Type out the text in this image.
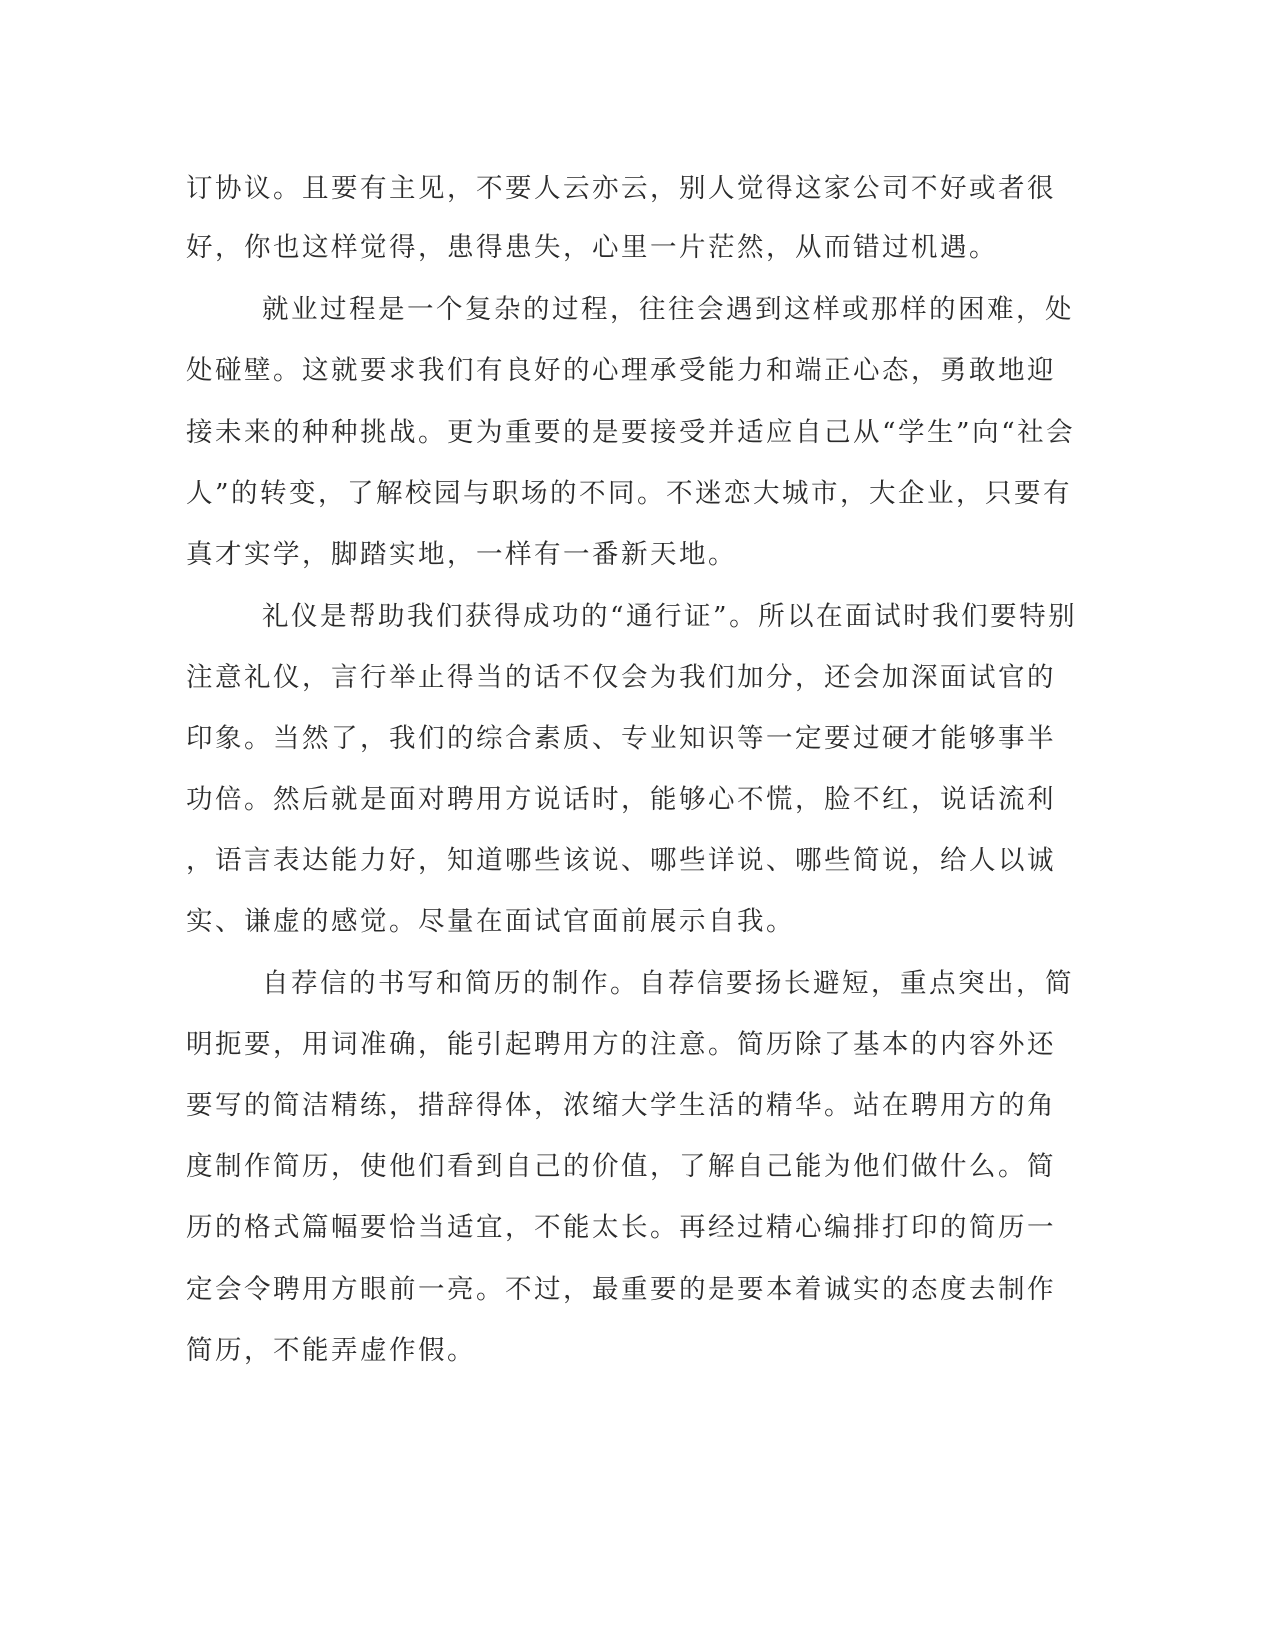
订协议。且要有主见，不要人云亦云，别人觉得这家公司不好或者很

好，你也这样觉得，患得患失，心里一片茫然，从而错过机遇。

就业过程是一个复杂的过程，往往会遇到这样或那样的困难，处

处碰壁。这就要求我们有良好的心理承受能力和端正心态，勇敢地迎

接未来的种种挑战。更为重要的是要接受并适应自己从“学生”向“社会

人”的转变，了解校园与职场的不同。不迷恋大城市，大企业，只要有

真才实学，脚踏实地，一样有一番新天地。

礼仪是帮助我们获得成功的“通行证”。所以在面试时我们要特别

注意礼仪，言行举止得当的话不仅会为我们加分，还会加深面试官的

印象。当然了，我们的综合素质、专业知识等一定要过硬才能够事半

功倍。然后就是面对聘用方说话时，能够心不慌，脸不红，说话流利

，语言表达能力好，知道哪些该说、哪些详说、哪些简说，给人以诚

实、谦虚的感觉。尽量在面试官面前展示自我。

自荐信的书写和简历的制作。自荐信要扬长避短，重点突出，简

明扼要，用词准确，能引起聘用方的注意。简历除了基本的内容外还

要写的简洁精练，措辞得体，浓缩大学生活的精华。站在聘用方的角

度制作简历，使他们看到自己的价值，了解自己能为他们做什么。简

历的格式篇幅要恰当适宜，不能太长。再经过精心编排打印的简历一

定会令聘用方眼前一亮。不过，最重要的是要本着诚实的态度去制作

简历，不能弄虚作假。
